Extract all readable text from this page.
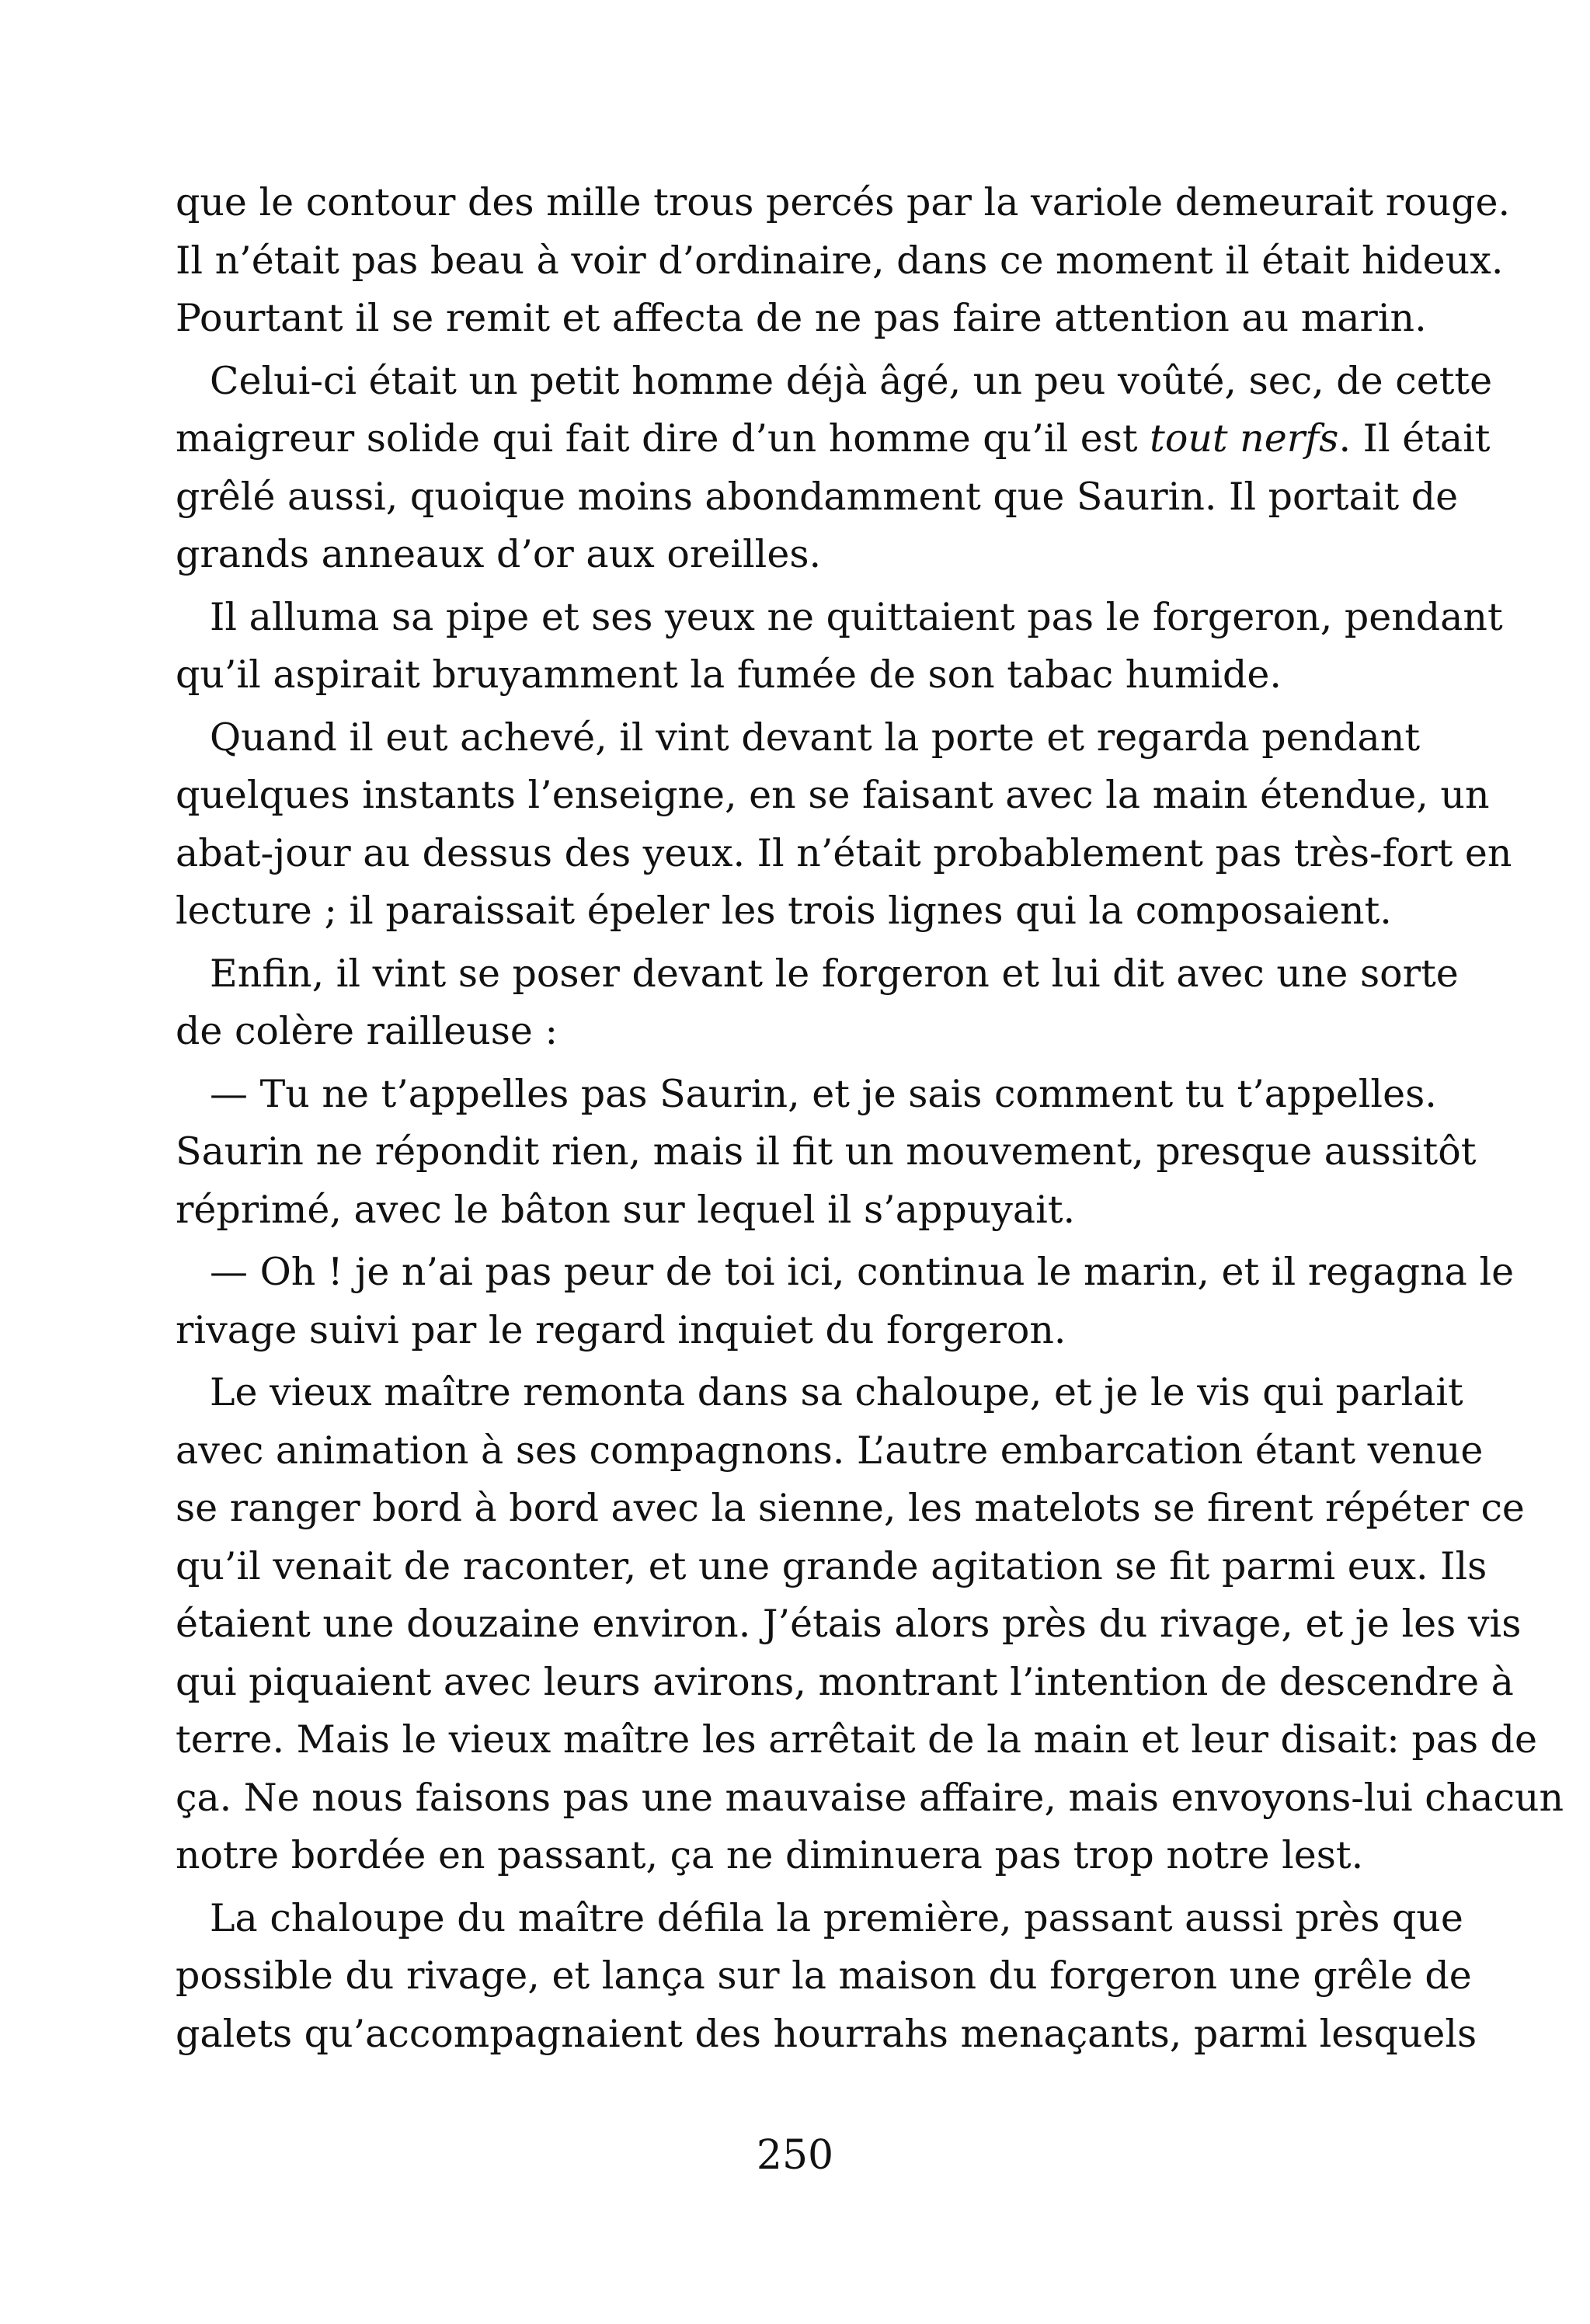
que le contour des mille trous percés par la variole demeurait rouge.
Il n’était pas beau à voir d’ordinaire, dans ce moment il était hideux.
Pourtant il se remit et affecta de ne pas faire attention au marin.
Celui-ci était un petit homme déjà âgé, un peu voûté, sec, de cette
maigreur solide qui fait dire d’un homme qu’il est tout nerfs. Il était
grêlé aussi, quoique moins abondamment que Saurin. Il portait de
grands anneaux d’or aux oreilles.
Il alluma sa pipe et ses yeux ne quittaient pas le forgeron, pendant
qu’il aspirait bruyamment la fumée de son tabac humide.
Quand il eut achevé, il vint devant la porte et regarda pendant
quelques instants l’enseigne, en se faisant avec la main étendue, un
abat-jour au dessus des yeux. Il n’était probablement pas très-fort en
lecture ; il paraissait épeler les trois lignes qui la composaient.
Enfin, il vint se poser devant le forgeron et lui dit avec une sorte
de colère railleuse :
— Tu ne t’appelles pas Saurin, et je sais comment tu t’appelles.
Saurin ne répondit rien, mais il fit un mouvement, presque aussitôt
réprimé, avec le bâton sur lequel il s’appuyait.
— Oh ! je n’ai pas peur de toi ici, continua le marin, et il regagna le
rivage suivi par le regard inquiet du forgeron.
Le vieux maître remonta dans sa chaloupe, et je le vis qui parlait
avec animation à ses compagnons. L’autre embarcation étant venue
se ranger bord à bord avec la sienne, les matelots se firent répéter ce
qu’il venait de raconter, et une grande agitation se fit parmi eux. Ils
étaient une douzaine environ. J’étais alors près du rivage, et je les vis
qui piquaient avec leurs avirons, montrant l’intention de descendre à
terre. Mais le vieux maître les arrêtait de la main et leur disait: pas de
ça. Ne nous faisons pas une mauvaise affaire, mais envoyons-lui chacun
notre bordée en passant, ça ne diminuera pas trop notre lest.
La chaloupe du maître défila la première, passant aussi près que
possible du rivage, et lança sur la maison du forgeron une grêle de
galets qu’accompagnaient des hourrahs menaçants, parmi lesquels
250
